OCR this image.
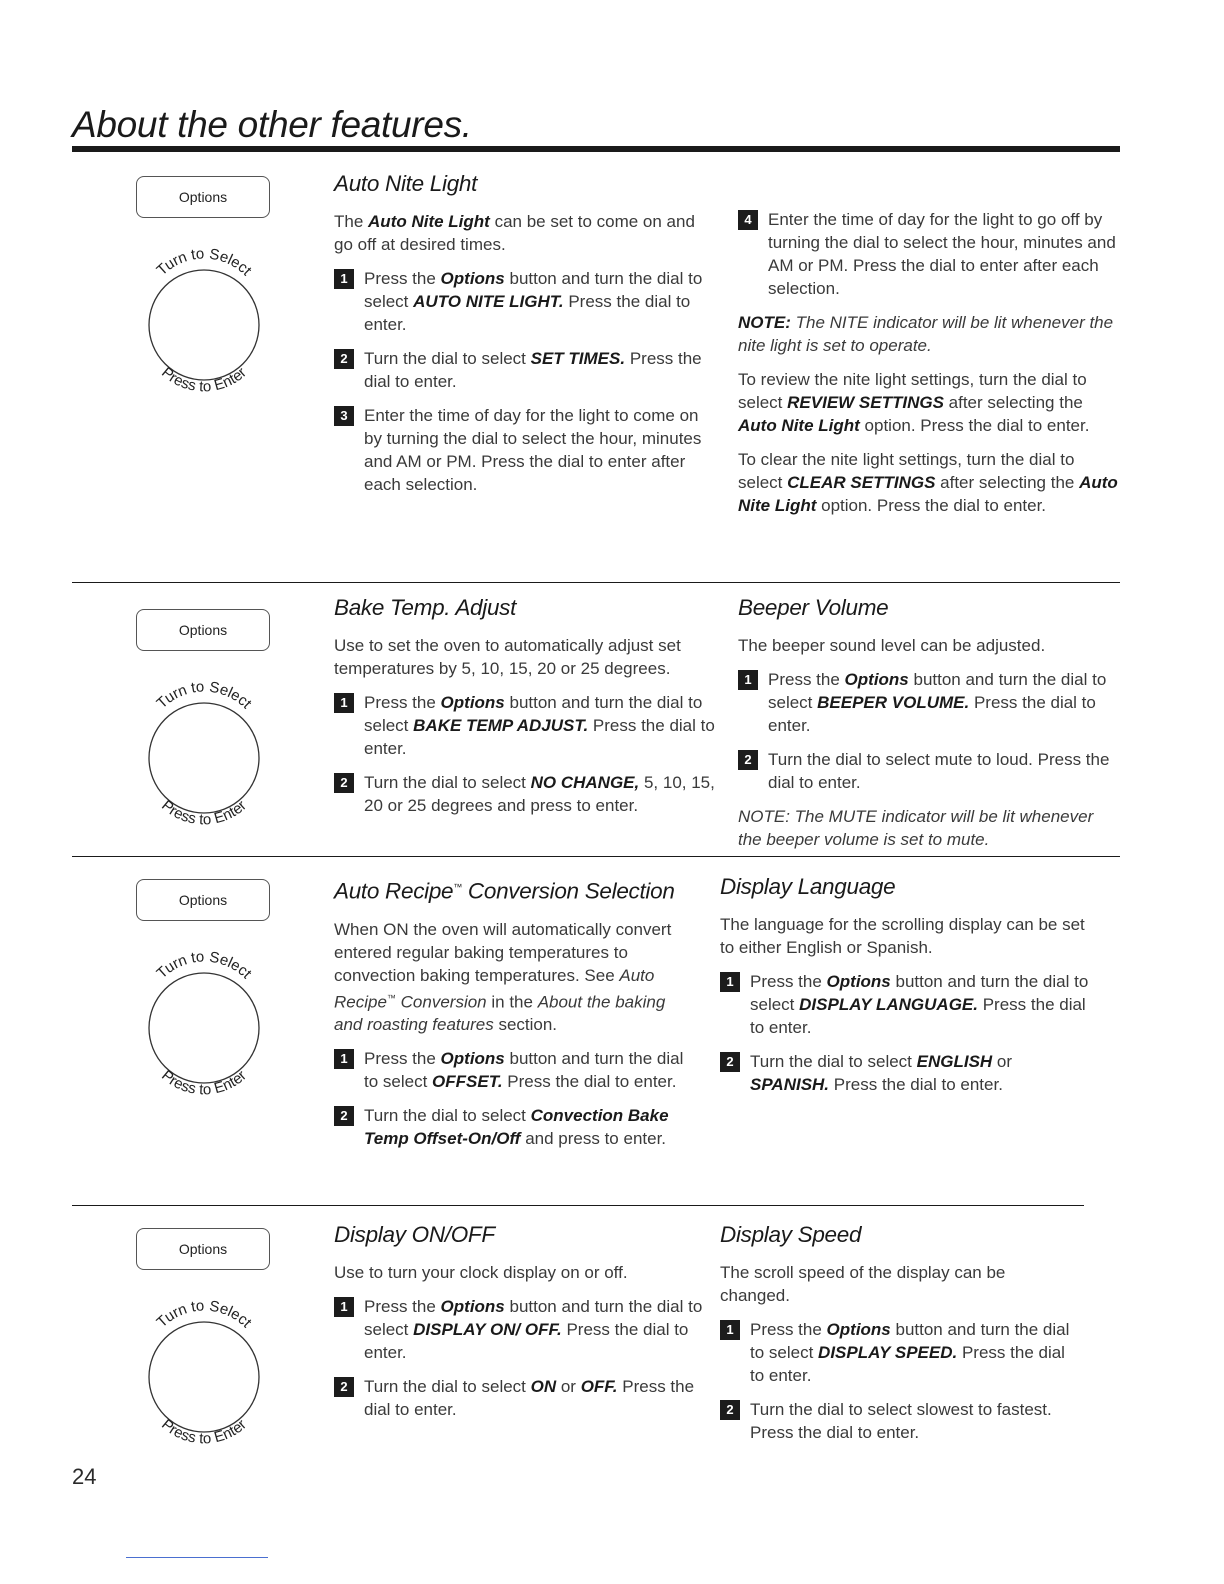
About the other features.
Options
Turn to Select
Press to Enter
Options
Turn to Select
Press to Enter
Options
Turn to Select
Press to Enter
Options
Turn to Select
Press to Enter
Auto Nite Light

The Auto Nite Light can be set to come on and go off at desired times.

1 Press the Options button and turn the dial to select AUTO NITE LIGHT. Press the dial to enter.
2 Turn the dial to select SET TIMES. Press the dial to enter.
3 Enter the time of day for the light to come on by turning the dial to select the hour, minutes and AM or PM. Press the dial to enter after each selection.
4 Enter the time of day for the light to go off by turning the dial to select the hour, minutes and AM or PM. Press the dial to enter after each selection.

NOTE: The NITE indicator will be lit whenever the nite light is set to operate.

To review the nite light settings, turn the dial to select REVIEW SETTINGS after selecting the Auto Nite Light option. Press the dial to enter.

To clear the nite light settings, turn the dial to select CLEAR SETTINGS after selecting the Auto Nite Light option. Press the dial to enter.

Bake Temp. Adjust

Use to set the oven to automatically adjust set temperatures by 5, 10, 15, 20 or 25 degrees.

1 Press the Options button and turn the dial to select BAKE TEMP ADJUST. Press the dial to enter.
2 Turn the dial to select NO CHANGE, 5, 10, 15, 20 or 25 degrees and press to enter.
Beeper Volume

The beeper sound level can be adjusted.

1 Press the Options button and turn the dial to select BEEPER VOLUME. Press the dial to enter.
2 Turn the dial to select mute to loud. Press the dial to enter.

NOTE: The MUTE indicator will be lit whenever the beeper volume is set to mute.

Auto Recipe™ Conversion Selection

When ON the oven will automatically convert entered regular baking temperatures to convection baking temperatures. See Auto Recipe™ Conversion in the About the baking and roasting features section.

1 Press the Options button and turn the dial to select OFFSET. Press the dial to enter.
2 Turn the dial to select Convection Bake Temp Offset-On/Off and press to enter.
Display Language

The language for the scrolling display can be set to either English or Spanish.

1 Press the Options button and turn the dial to select DISPLAY LANGUAGE. Press the dial to enter.
2 Turn the dial to select ENGLISH or SPANISH. Press the dial to enter.
Display ON/OFF

Use to turn your clock display on or off.

1 Press the Options button and turn the dial to select DISPLAY ON/ OFF. Press the dial to enter.
2 Turn the dial to select ON or OFF. Press the dial to enter.
Display Speed

The scroll speed of the display can be changed.

1 Press the Options button and turn the dial to select DISPLAY SPEED. Press the dial to enter.
2 Turn the dial to select slowest to fastest. Press the dial to enter.
24
